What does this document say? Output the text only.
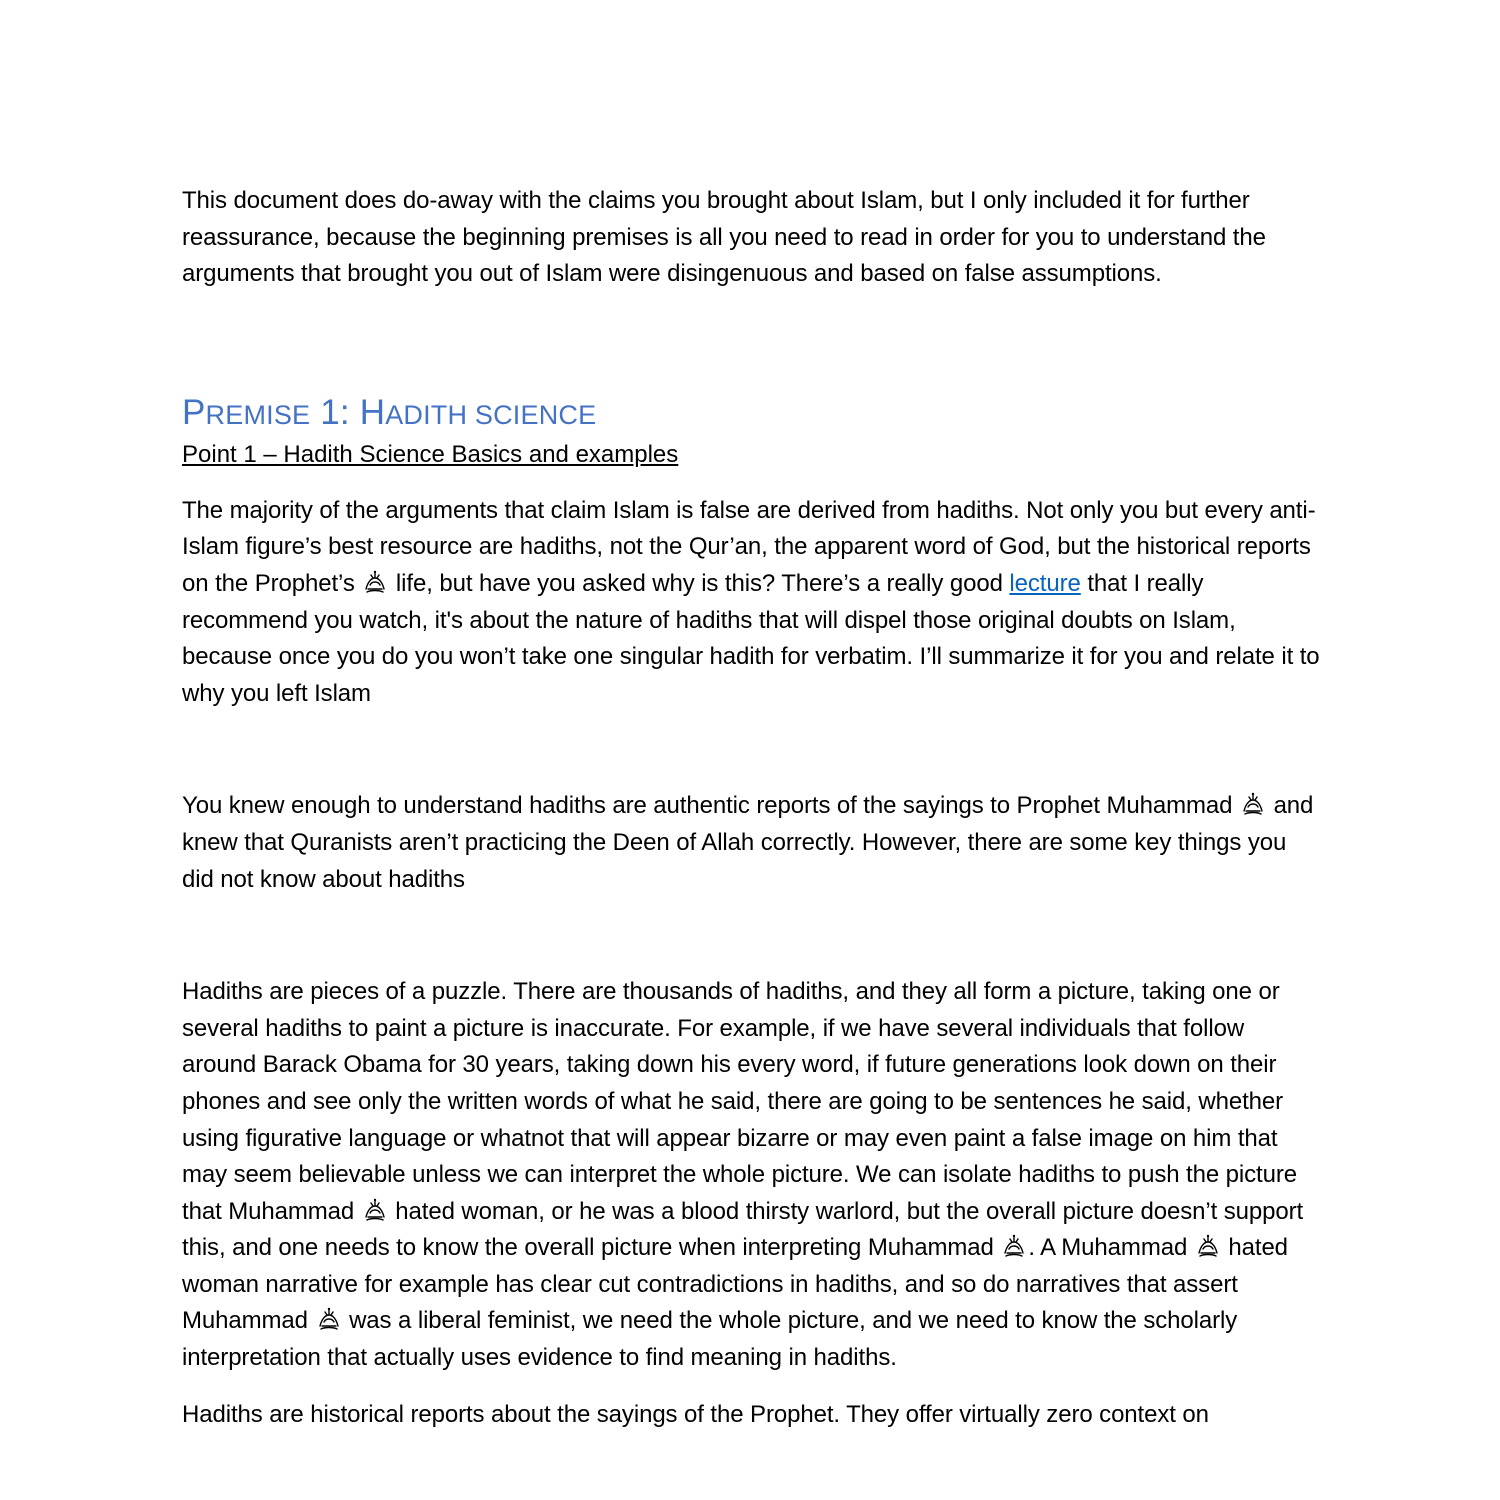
This document does do-away with the claims you brought about Islam, but I only included it for further reassurance, because the beginning premises is all you need to read in order for you to understand the arguments that brought you out of Islam were disingenuous and based on false assumptions.

PREMISE 1: HADITH SCIENCE

Point 1 – Hadith Science Basics and examples

The majority of the arguments that claim Islam is false are derived from hadiths. Not only you but every anti-Islam figure’s best resource are hadiths, not the Qur’an, the apparent word of God, but the historical reports on the Prophet’s life, but have you asked why is this? There’s a really good lecture that I really recommend you watch, it's about the nature of hadiths that will dispel those original doubts on Islam, because once you do you won’t take one singular hadith for verbatim. I’ll summarize it for you and relate it to why you left Islam

You knew enough to understand hadiths are authentic reports of the sayings to Prophet Muhammad and knew that Quranists aren’t practicing the Deen of Allah correctly. However, there are some key things you did not know about hadiths

Hadiths are pieces of a puzzle. There are thousands of hadiths, and they all form a picture, taking one or several hadiths to paint a picture is inaccurate. For example, if we have several individuals that follow around Barack Obama for 30 years, taking down his every word, if future generations look down on their phones and see only the written words of what he said, there are going to be sentences he said, whether using figurative language or whatnot that will appear bizarre or may even paint a false image on him that may seem believable unless we can interpret the whole picture. We can isolate hadiths to push the picture that Muhammad hated woman, or he was a blood thirsty warlord, but the overall picture doesn’t support this, and one needs to know the overall picture when interpreting Muhammad . A Muhammad hated woman narrative for example has clear cut contradictions in hadiths, and so do narratives that assert Muhammad was a liberal feminist, we need the whole picture, and we need to know the scholarly interpretation that actually uses evidence to find meaning in hadiths.

Hadiths are historical reports about the sayings of the Prophet. They offer virtually zero context on
